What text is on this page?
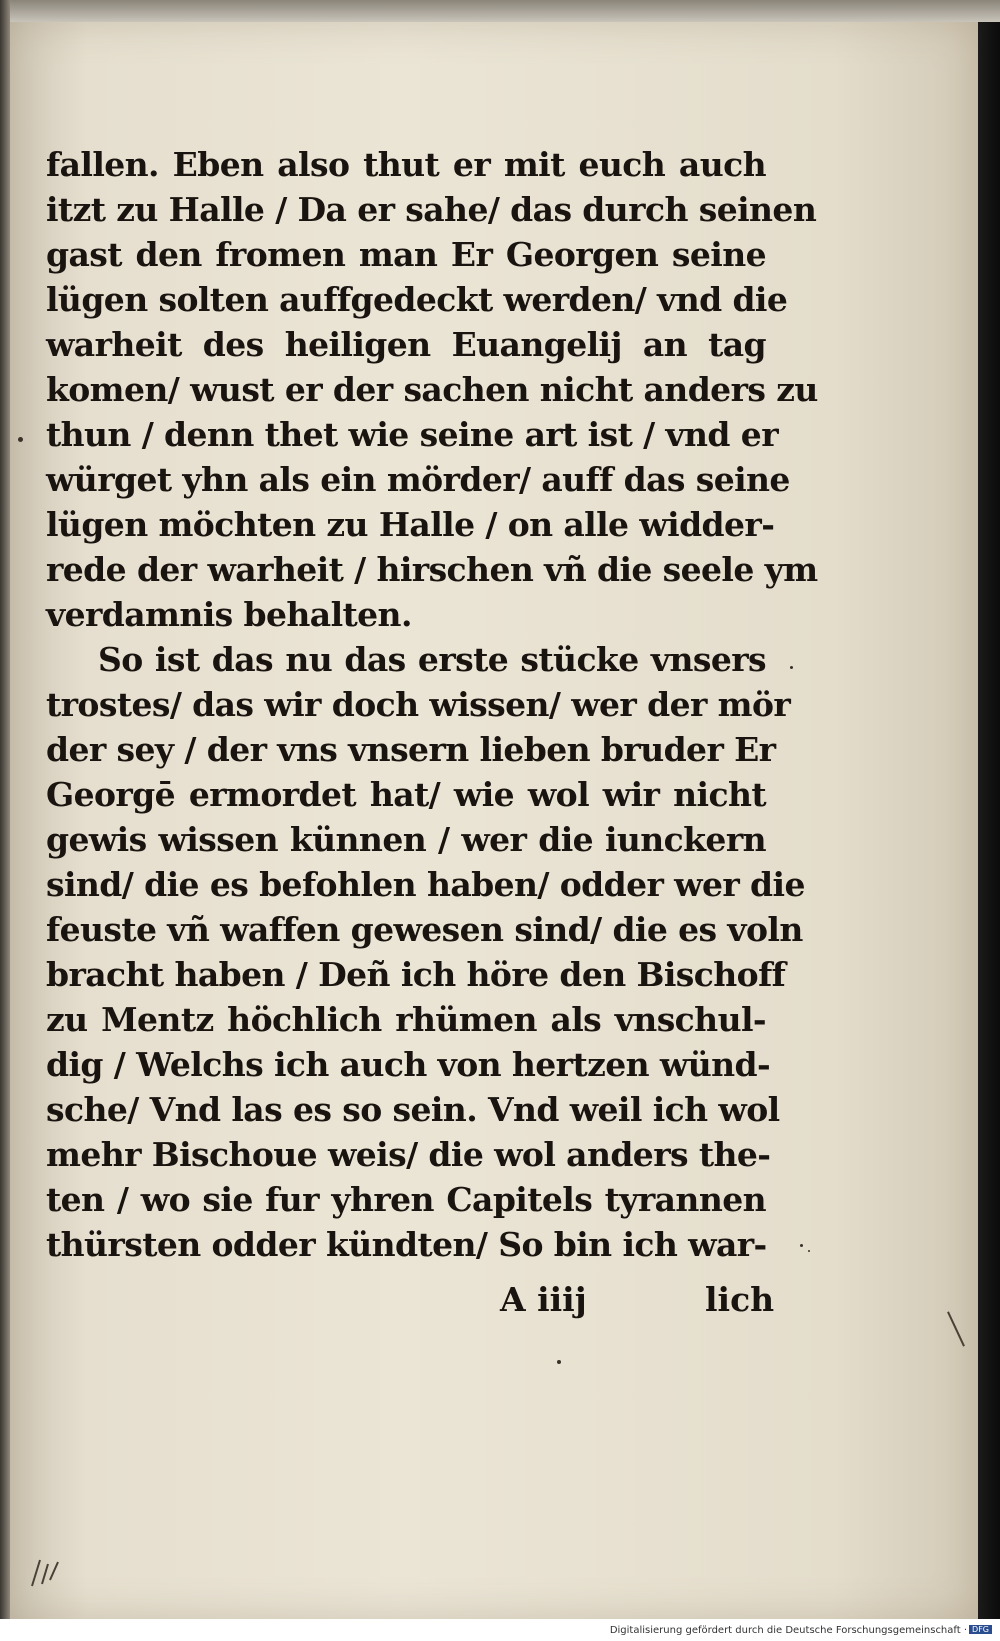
fallen. Eben also thut er mit euch auch
itzt zu Halle / Da er sahe/ das durch seinen
gast den fromen man Er Georgen seine
lügen solten auffgedeckt werden/ vnd die
warheit des heiligen Euangelij an tag
komen/ wust er der sachen nicht anders zu
thun / denn thet wie seine art ist / vnd er
würget yhn als ein mörder/ auff das seine
lügen möchten zu Halle / on alle widder-
rede der warheit / hirschen vñ die seele ym
verdamnis behalten.
So ist das nu das erste stücke vnsers
trostes/ das wir doch wissen/ wer der mör
der sey / der vns vnsern lieben bruder Er
Georgē ermordet hat/ wie wol wir nicht
gewis wissen künnen / wer die iunckern
sind/ die es befohlen haben/ odder wer die
feuste vñ waffen gewesen sind/ die es voln
bracht haben / Deñ ich höre den Bischoff
zu Mentz höchlich rhümen als vnschul-
dig / Welchs ich auch von hertzen wünd-
sche/ Vnd las es so sein. Vnd weil ich wol
mehr Bischoue weis/ die wol anders the-
ten / wo sie fur yhren Capitels tyrannen
thürsten odder kündten/ So bin ich war-
A iiij	lich
Digitalisierung gefördert durch die Deutsche Forschungsgemeinschaft · DFG
